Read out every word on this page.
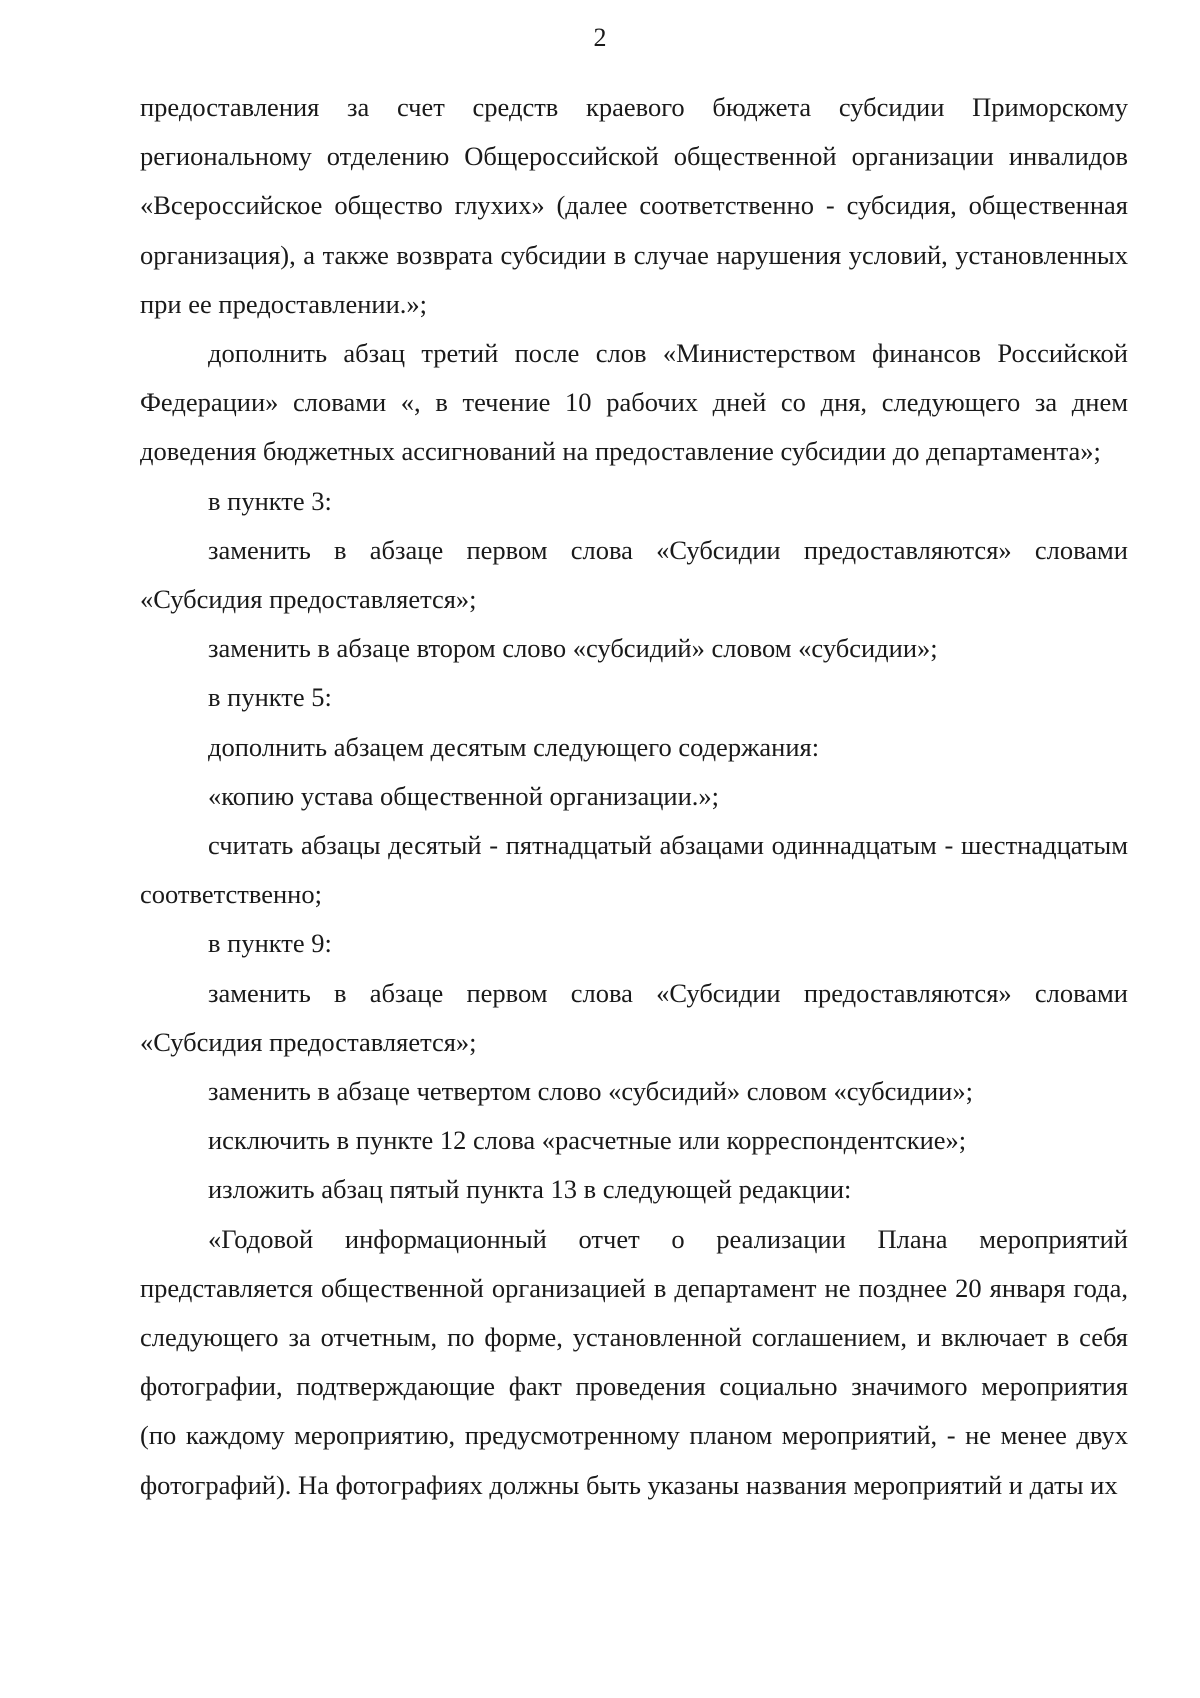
2

предоставления за счет средств краевого бюджета субсидии Приморскому региональному отделению Общероссийской общественной организации инвалидов «Всероссийское общество глухих» (далее соответственно - субсидия, общественная организация), а также возврата субсидии в случае нарушения условий, установленных при ее предоставлении.»;

дополнить абзац третий после слов «Министерством финансов Российской Федерации» словами «, в течение 10 рабочих дней со дня, следующего за днем доведения бюджетных ассигнований на предоставление субсидии до департамента»;

в пункте 3:

заменить в абзаце первом слова «Субсидии предоставляются» словами «Субсидия предоставляется»;

заменить в абзаце втором слово «субсидий» словом «субсидии»;

в пункте 5:

дополнить абзацем десятым следующего содержания:

«копию устава общественной организации.»;

считать абзацы десятый - пятнадцатый абзацами одиннадцатым - шестнадцатым соответственно;

в пункте 9:

заменить в абзаце первом слова «Субсидии предоставляются» словами «Субсидия предоставляется»;

заменить в абзаце четвертом слово «субсидий» словом «субсидии»;

исключить в пункте 12 слова «расчетные или корреспондентские»;

изложить абзац пятый пункта 13 в следующей редакции:

«Годовой информационный отчет о реализации Плана мероприятий представляется общественной организацией в департамент не позднее 20 января года, следующего за отчетным, по форме, установленной соглашением, и включает в себя фотографии, подтверждающие факт проведения социально значимого мероприятия (по каждому мероприятию, предусмотренному планом мероприятий, - не менее двух фотографий). На фотографиях должны быть указаны названия мероприятий и даты их
